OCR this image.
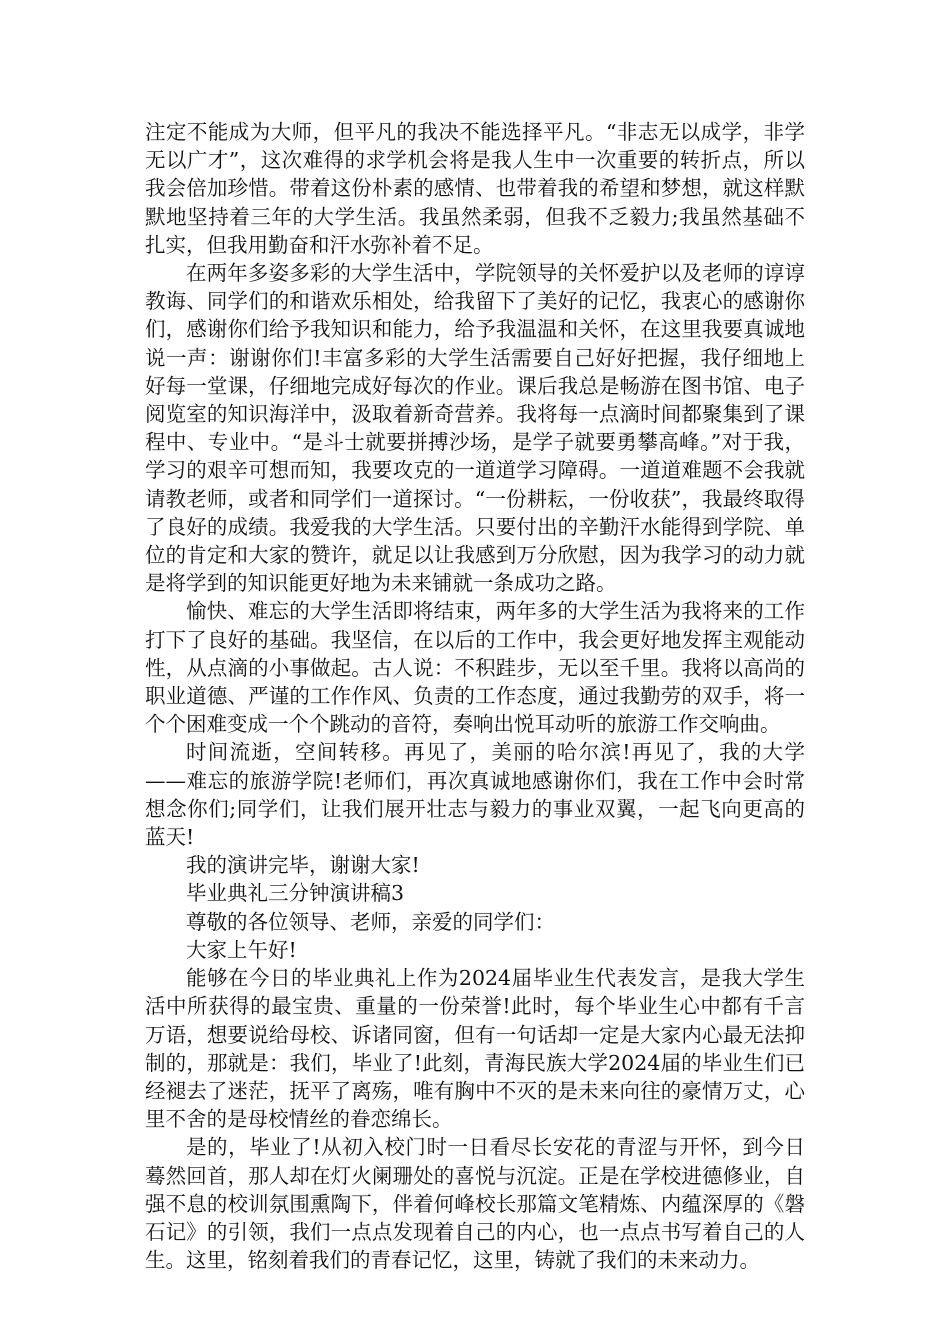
注定不能成为大师，但平凡的我决不能选择平凡。“非志无以成学，非学无以广才”，这次难得的求学机会将是我人生中一次重要的转折点，所以我会倍加珍惜。带着这份朴素的感情、也带着我的希望和梦想，就这样默默地坚持着三年的大学生活。我虽然柔弱，但我不乏毅力;我虽然基础不扎实，但我用勤奋和汗水弥补着不足。

在两年多姿多彩的大学生活中，学院领导的关怀爱护以及老师的谆谆教诲、同学们的和谐欢乐相处，给我留下了美好的记忆，我衷心的感谢你们，感谢你们给予我知识和能力，给予我温温和关怀，在这里我要真诚地说一声：谢谢你们!丰富多彩的大学生活需要自己好好把握，我仔细地上好每一堂课，仔细地完成好每次的作业。课后我总是畅游在图书馆、电子阅览室的知识海洋中，汲取着新奇营养。我将每一点滴时间都聚集到了课程中、专业中。“是斗士就要拼搏沙场，是学子就要勇攀高峰。”对于我，学习的艰辛可想而知，我要攻克的一道道学习障碍。一道道难题不会我就请教老师，或者和同学们一道探讨。“一份耕耘，一份收获”，我最终取得了良好的成绩。我爱我的大学生活。只要付出的辛勤汗水能得到学院、单位的肯定和大家的赞许，就足以让我感到万分欣慰，因为我学习的动力就是将学到的知识能更好地为未来铺就一条成功之路。

愉快、难忘的大学生活即将结束，两年多的大学生活为我将来的工作打下了良好的基础。我坚信，在以后的工作中，我会更好地发挥主观能动性，从点滴的小事做起。古人说：不积跬步，无以至千里。我将以高尚的职业道德、严谨的工作作风、负责的工作态度，通过我勤劳的双手，将一个个困难变成一个个跳动的音符，奏响出悦耳动听的旅游工作交响曲。

时间流逝，空间转移。再见了，美丽的哈尔滨!再见了，我的大学——难忘的旅游学院!老师们，再次真诚地感谢你们，我在工作中会时常想念你们;同学们，让我们展开壮志与毅力的事业双翼，一起飞向更高的蓝天!

我的演讲完毕，谢谢大家!

毕业典礼三分钟演讲稿3

尊敬的各位领导、老师，亲爱的同学们：

大家上午好!

能够在今日的毕业典礼上作为2024届毕业生代表发言，是我大学生活中所获得的最宝贵、重量的一份荣誉!此时，每个毕业生心中都有千言万语，想要说给母校、诉诸同窗，但有一句话却一定是大家内心最无法抑制的，那就是：我们，毕业了!此刻，青海民族大学2024届的毕业生们已经褪去了迷茫，抚平了离殇，唯有胸中不灭的是未来向往的豪情万丈，心里不舍的是母校情丝的眷恋绵长。

是的，毕业了!从初入校门时一日看尽长安花的青涩与开怀，到今日蓦然回首，那人却在灯火阑珊处的喜悦与沉淀。正是在学校进德修业，自强不息的校训氛围熏陶下，伴着何峰校长那篇文笔精炼、内蕴深厚的《磐石记》的引领，我们一点点发现着自己的内心，也一点点书写着自己的人生。这里，铭刻着我们的青春记忆，这里，铸就了我们的未来动力。
